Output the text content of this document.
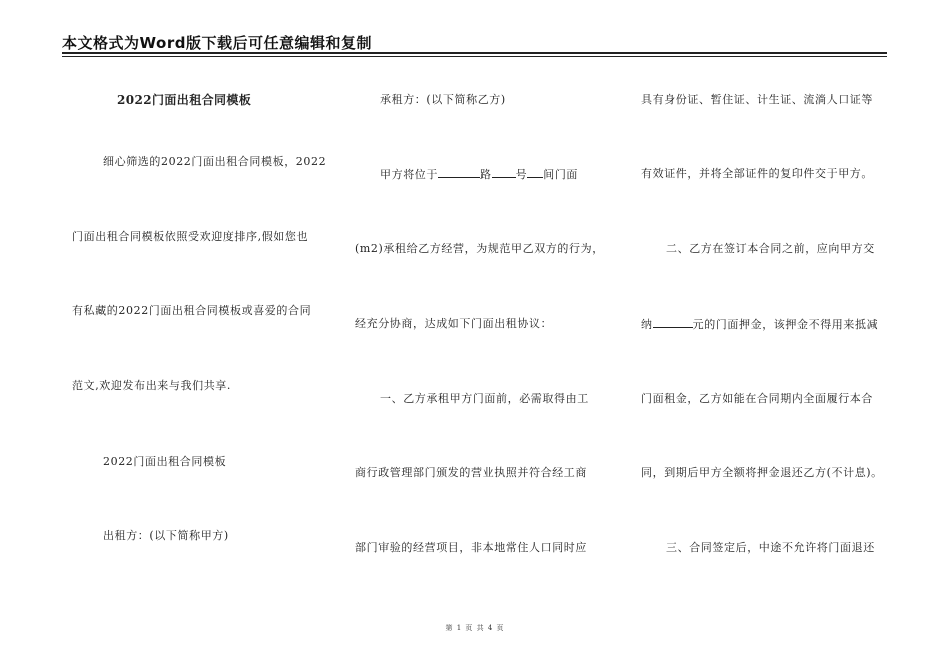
本文格式为Word版下载后可任意编辑和复制
2022门面出租合同模板
细心筛选的2022门面出租合同模板，2022
门面出租合同模板依照受欢迎度排序,假如您也
有私藏的2022门面出租合同模板或喜爱的合同
范文,欢迎发布出来与我们共享.
2022门面出租合同模板
出租方：(以下简称甲方)
承租方：(以下简称乙方)
甲方将位于	路 号 间门面
(m2)承租给乙方经营，为规范甲乙双方的行为，
经充分协商，达成如下门面出租协议：
一、乙方承租甲方门面前，必需取得由工
商行政管理部门颁发的营业执照并符合经工商
部门审验的经营项目，非本地常住人口同时应
具有身份证、暂住证、计生证、流淌人口证等
有效证件，并将全部证件的复印件交于甲方。
二、乙方在签订本合同之前，应向甲方交
纳	元的门面押金，该押金不得用来抵减
门面租金，乙方如能在合同期内全面履行本合
同，到期后甲方全额将押金退还乙方(不计息)。
三、合同签定后，中途不允许将门面退还
第 1 页 共 4 页
